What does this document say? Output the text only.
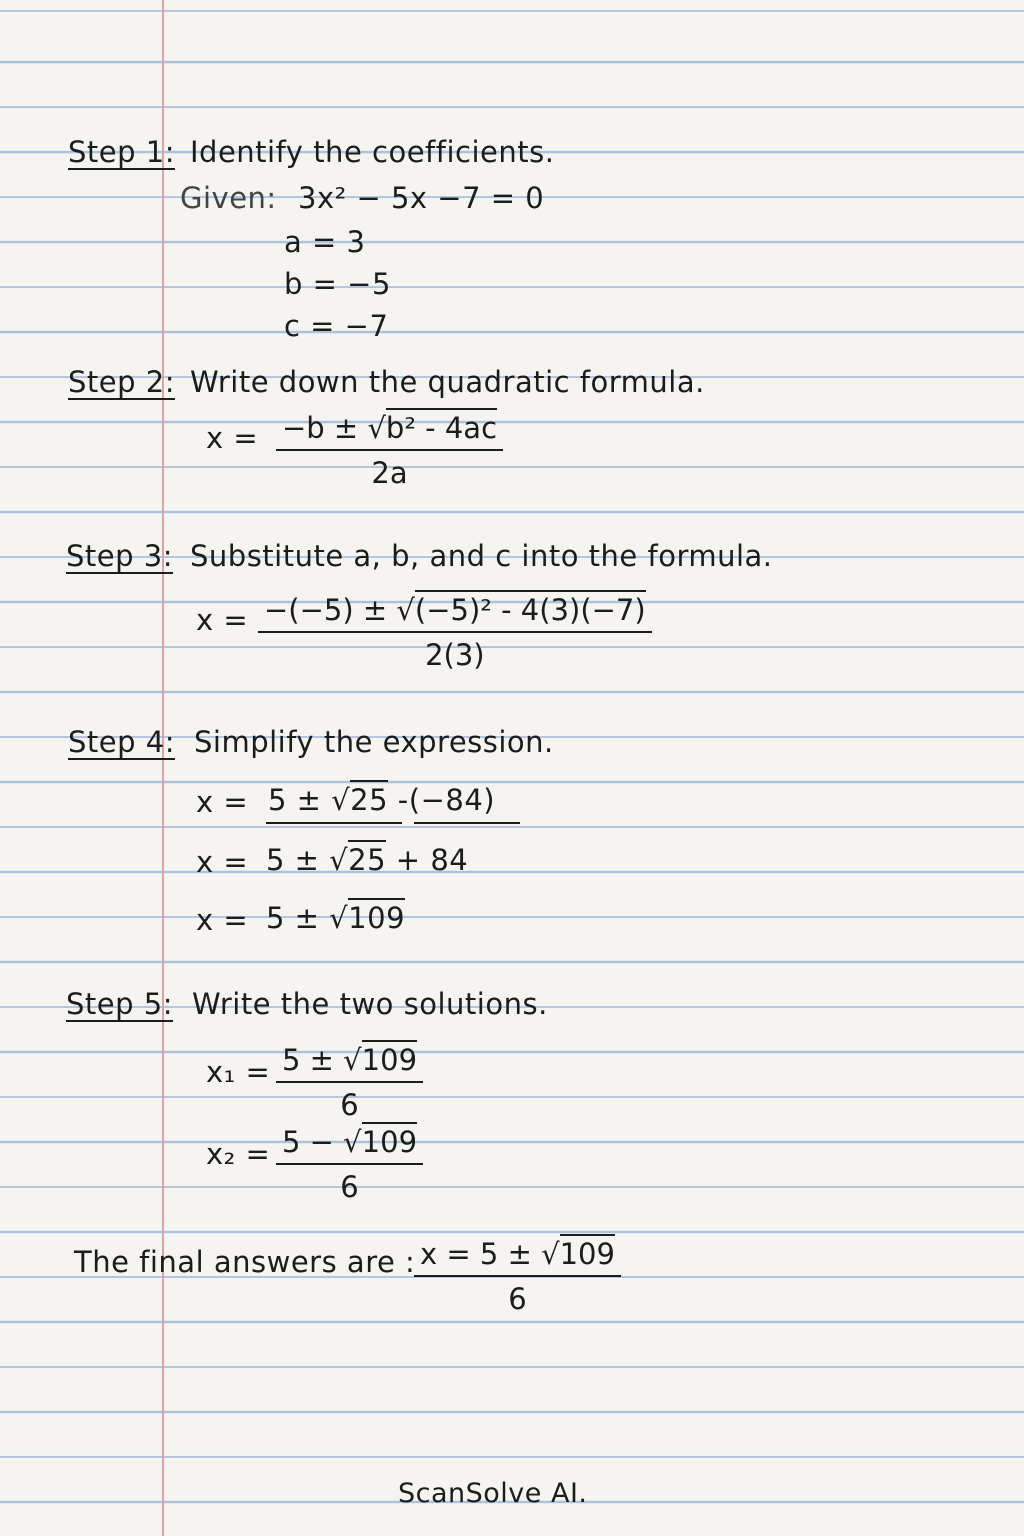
Step 1: Identify the coefficients.
Given: 3x² − 5x −7 = 0
a = 3
b = −5
c = −7
Step 2: Write down the quadratic formula.
$x = \frac{\text{−b ± √b² - 4ac}}{2a}$
Step 3: Substitute a, b, and c into the formula.
$x = \frac{\text{−(−5) ± √(−5)² - 4(3)(−7)}}{2(3)}$
Step 4: Simplify the expression.
x = 5 ± √25 -(−84)
x = 5 ± √25 + 84
x = 5 ± √109
Step 5: Write the two solutions.
$x_1 = \frac{5 \pm √109}{6}$
$x_2 = \frac{5 - √109}{6}$
The final answers are :
$\frac{x = 5 \pm √109}{6}$
ScanSolve AI.
